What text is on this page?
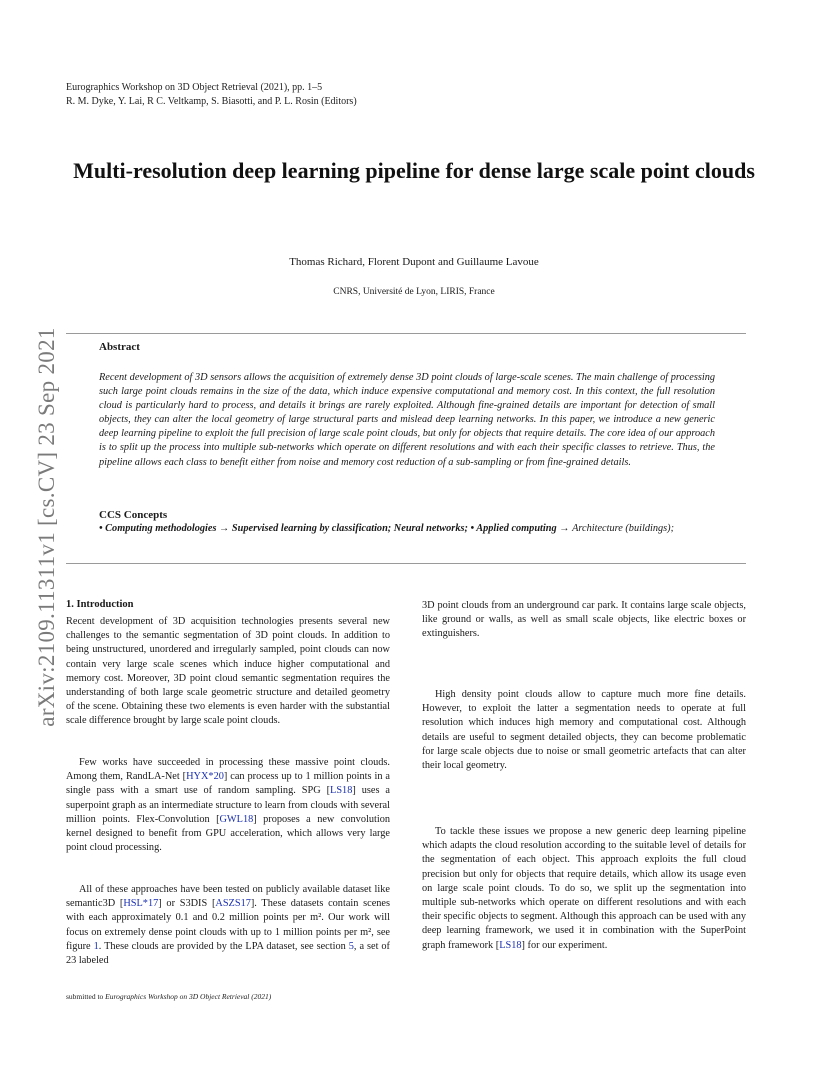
Eurographics Workshop on 3D Object Retrieval (2021), pp. 1–5
R. M. Dyke, Y. Lai, R C. Veltkamp, S. Biasotti, and P. L. Rosin (Editors)
Multi-resolution deep learning pipeline for dense large scale point clouds
Thomas Richard, Florent Dupont and Guillaume Lavoue
CNRS, Université de Lyon, LIRIS, France
arXiv:2109.11311v1 [cs.CV] 23 Sep 2021	Abstract
Recent development of 3D sensors allows the acquisition of extremely dense 3D point clouds of large-scale scenes. The main challenge of processing such large point clouds remains in the size of the data, which induce expensive computational and memory cost. In this context, the full resolution cloud is particularly hard to process, and details it brings are rarely exploited. Although fine-grained details are important for detection of small objects, they can alter the local geometry of large structural parts and mislead deep learning networks. In this paper, we introduce a new generic deep learning pipeline to exploit the full precision of large scale point clouds, but only for objects that require details. The core idea of our approach is to split up the process into multiple sub-networks which operate on different resolutions and with each their specific classes to retrieve. Thus, the pipeline allows each class to benefit either from noise and memory cost reduction of a sub-sampling or from fine-grained details.
CCS Concepts
• Computing methodologies → Supervised learning by classification; Neural networks; • Applied computing → Architecture (buildings);
1. Introduction

Recent development of 3D acquisition technologies presents several new challenges to the semantic segmentation of 3D point clouds. In addition to being unstructured, unordered and irregularly sampled, point clouds can now contain very large scale scenes which induce higher computational and memory cost. Moreover, 3D point cloud semantic segmentation requires the understanding of both large scale geometric structure and detailed geometry of the scene. Obtaining these two elements is even harder with the substantial scale difference brought by large scale point clouds.

Few works have succeeded in processing these massive point clouds. Among them, RandLA-Net [HYX*20] can process up to 1 million points in a single pass with a smart use of random sampling. SPG [LS18] uses a superpoint graph as an intermediate structure to learn from clouds with several million points. Flex-Convolution [GWL18] proposes a new convolution kernel designed to benefit from GPU acceleration, which allows very large point cloud processing.

All of these approaches have been tested on publicly available dataset like semantic3D [HSL*17] or S3DIS [ASZS17]. These datasets contain scenes with each approximately 0.1 and 0.2 million points per m². Our work will focus on extremely dense point clouds with up to 1 million points per m², see figure 1. These clouds are provided by the LPA dataset, see section 5, a set of 23 labeled

3D point clouds from an underground car park. It contains large scale objects, like ground or walls, as well as small scale objects, like electric boxes or extinguishers.

High density point clouds allow to capture much more fine details. However, to exploit the latter a segmentation needs to operate at full resolution which induces high memory and computational cost. Although details are useful to segment detailed objects, they can become problematic for large scale objects due to noise or small geometric artefacts that can alter their local geometry.

To tackle these issues we propose a new generic deep learning pipeline which adapts the cloud resolution according to the suitable level of details for the segmentation of each object. This approach exploits the full cloud precision but only for objects that require details, which allow its usage even on large scale point clouds. To do so, we split up the segmentation into multiple sub-networks which operate on different resolutions and with each their specific objects to segment. Although this approach can be used with any deep learning framework, we used it in combination with the SuperPoint graph framework [LS18] for our experiment.

submitted to Eurographics Workshop on 3D Object Retrieval (2021)
